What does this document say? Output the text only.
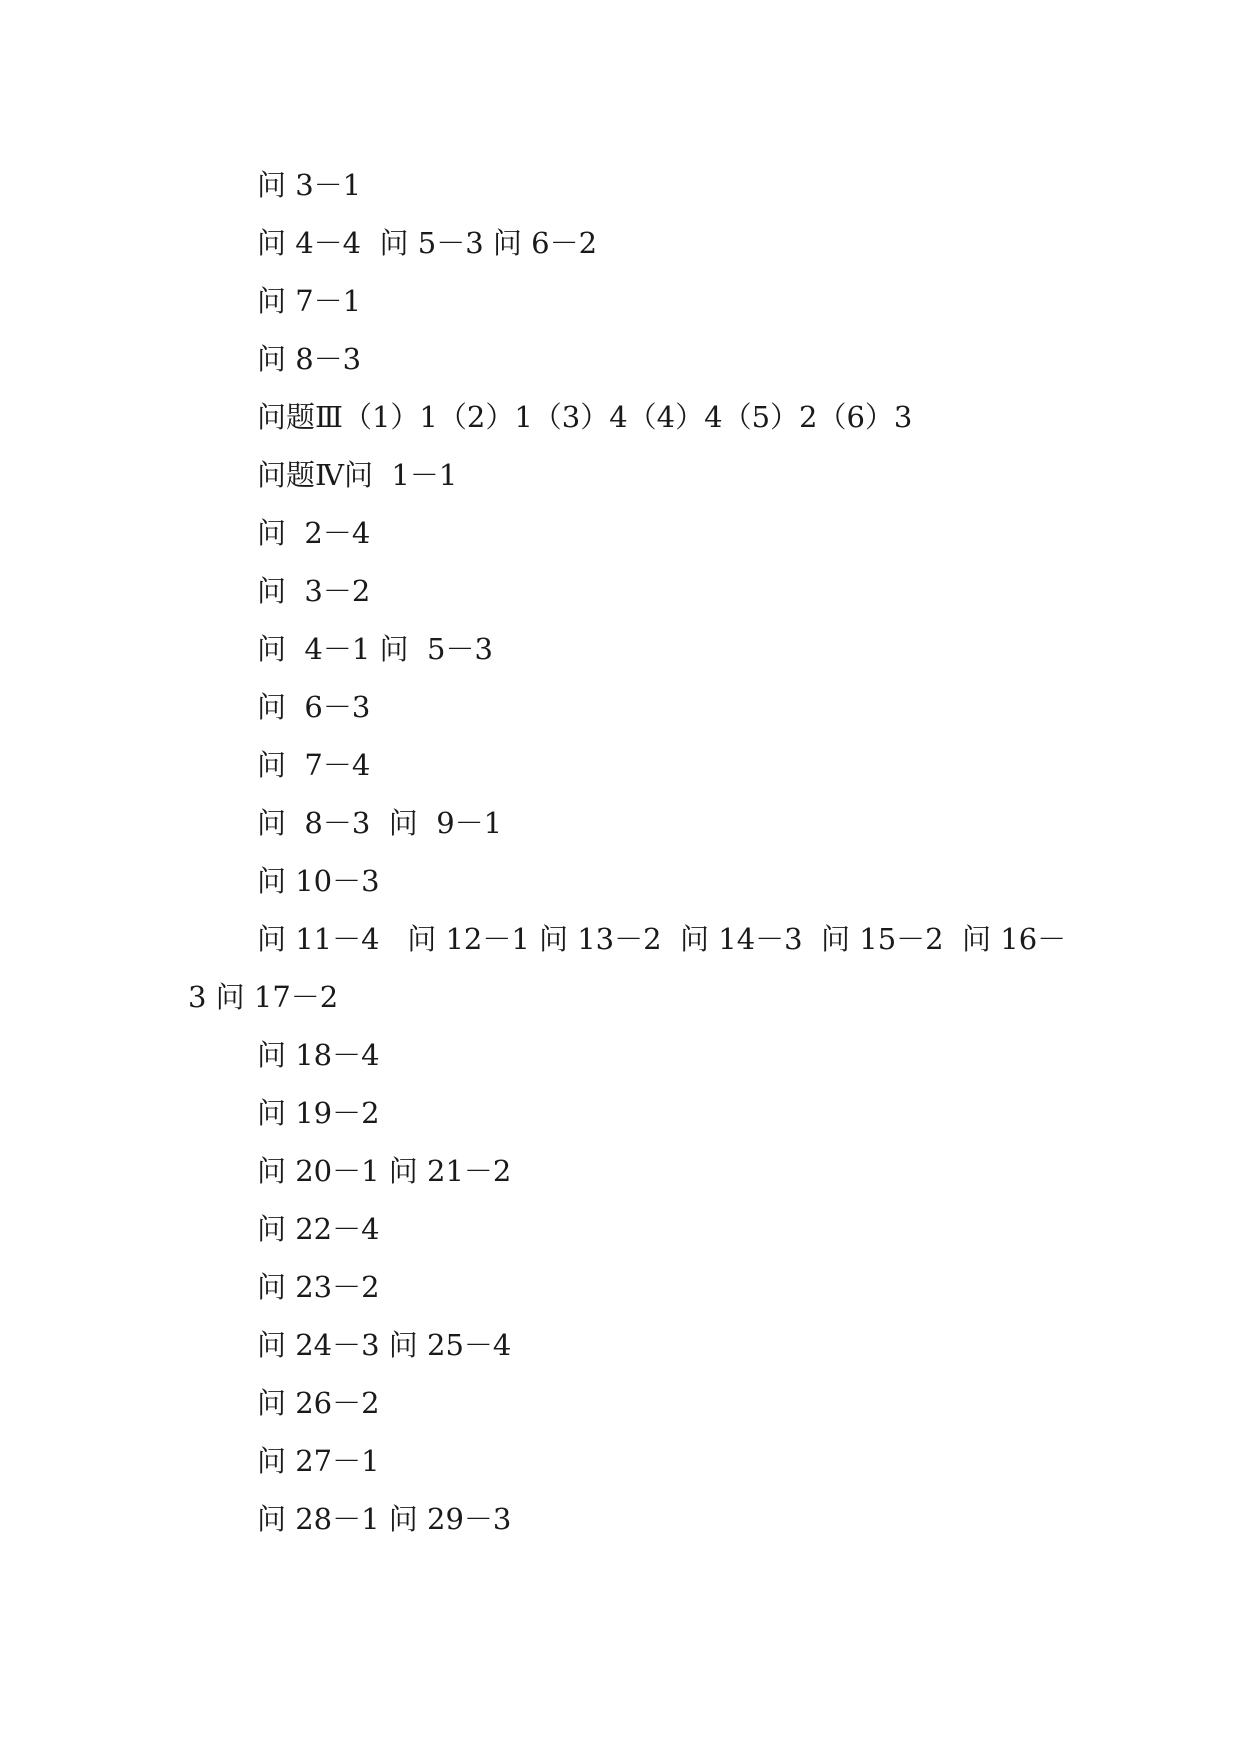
问 3－1
问 4－4  问 5－3 问 6－2
问 7－1
问 8－3
问题Ⅲ（1）1（2）1（3）4（4）4（5）2（6）3
问题Ⅳ问  1－1
问  2－4
问  3－2
问  4－1 问  5－3
问  6－3
问  7－4
问  8－3  问  9－1
问 10－3
问 11－4   问 12－1 问 13－2  问 14－3  问 15－2  问 16－
3 问 17－2
问 18－4
问 19－2
问 20－1 问 21－2
问 22－4
问 23－2
问 24－3 问 25－4
问 26－2
问 27－1
问 28－1 问 29－3
